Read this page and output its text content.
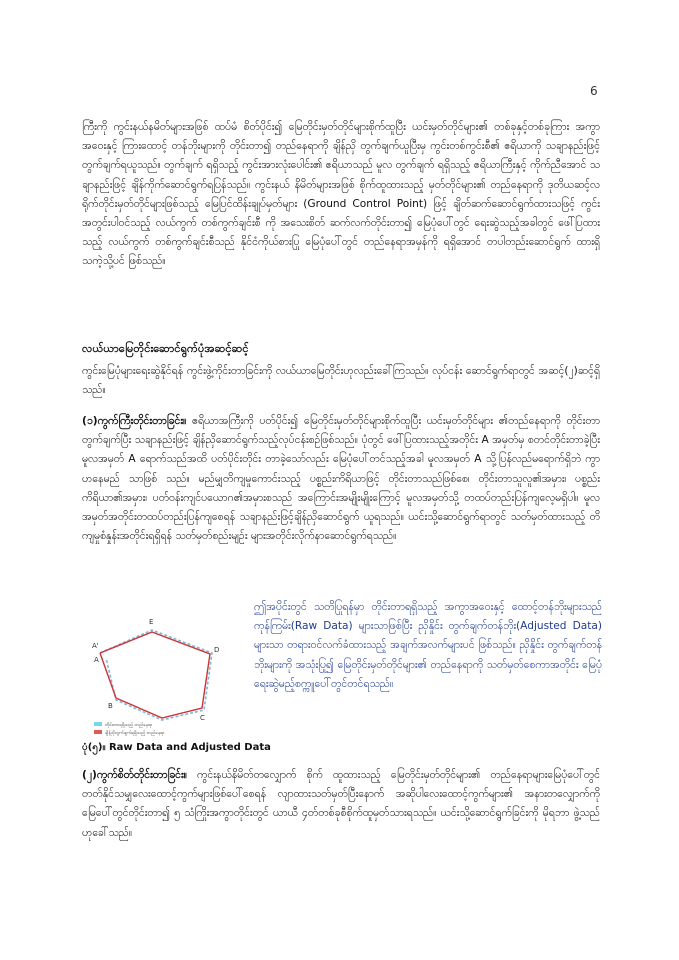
6

ကြီးကို ကွင်းနယ်နမိတ်များအဖြစ် ထပ်မံ စိတ်ပိုင်း၍ မြေတိုင်းမှတ်တိုင်များစိုက်ထူပြီး ယင်းမှတ်တိုင်များ၏ တစ်ခုနှင့်တစ်ခုကြား အကွာအဝေးနှင့် ကြားထောင့် တန်ဘိုးများကို တိုင်းတာ၍ တည်နေရာကို ချိန်ညှိ တွက်ချက်ယူပြီးမှ ကွင်းတစ်ကွင်းစီ၏ ဧရိယာကို သချာနည်းဖြင့် တွက်ချက်ရယူသည်။ တွက်ချက် ရရှိသည့် ကွင်းအားလုံးပေါင်း၏ ဧရိယာသည် မူလ တွက်ချက် ရရှိသည့် ဧရိယာကြီးနှင့် ကိုက်ညီအောင် သချာနည်းဖြင့် ချိန်ကိုက်ဆောင်ရွက်ရပြန်သည်။ ကွင်းနယ် နိမိတ်များအဖြစ် စိုက်ထူထားသည့် မှတ်တိုင်များ၏ တည်နေရာကို ဒုတိယဆင့်လရိုက်တိုင်းမှတ်တိုင်များဖြစ်သည့် မြေပြင်ထိန်းချုပ်မှတ်များ (Ground Control Point) ဖြင့် ချိတ်ဆက်ဆောင်ရွက်ထားသဖြင့် ကွင်းအတွင်းပါဝင်သည့် လယ်ကွက် တစ်ကွက်ချင်းစီ ကို အသေးစိတ် ဆက်လက်တိုင်းတာ၍ မြေပုံပေါ်တွင် ရေးဆွဲသည့်အခါတွင် ဖေါ်ပြထားသည့် လယ်ကွက် တစ်ကွက်ချင်းစီသည် နိုင်ငံကိုယ်စားပြု မြေပုံပေါ်တွင် တည်နေရာအမှန်ကို ရရှိအောင် တပါတည်းဆောင်ရွက် ထားရှိသကဲ့သို့ပင် ဖြစ်သည်။

လယ်ယာမြေတိုင်းဆောင်ရွက်ပုံအဆင့်ဆင့်

ကွင်းမြေပုံများရေးဆွဲနိုင်ရန် ကွင်းဖွဲ့ကိုင်းတာခြင်းကို လယ်ယာမြေတိုင်းဟုလည်းခေါ်ကြသည်။ လုပ်ငန်း ဆောင်ရွက်ရာတွင် အဆင့်(၂)ဆင့်ရှိသည်။

(၁)ကွက်ကြီးတိုင်းတာခြင်း။ ဧရိယာအကြီးကို ပတ်ပိုင်း၍ မြေတိုင်းမှတ်တိုင်များစိုက်ထူပြီး ယင်းမှတ်တိုင်များ ၏တည်နေရာကို တိုင်းတာတွက်ချက်ပြီး သချာနည်းဖြင့် ချိန်ညှိဆောင်ရွက်သည့်လုပ်ငန်းစဉ်ဖြစ်သည်။ ပုံတွင် ဖေါ်ပြထားသည့်အတိုင်း A အမှတ်မှ စတင်တိုင်းတာခဲ့ပြီး မူလအမှတ် A ရောက်သည်အထိ ပတ်ပိုင်းတိုင်း တာခဲ့သော်လည်း မြေပုံပေါ်တင်သည့်အခါ မူလအမှတ် A သို့ပြန်လည်မရောက်ရှိဘဲ ကွာဟနေမည် သာဖြစ် သည်။ မည်မျှတိကျမှုကောင်းသည့် ပစ္စည်းကိရိယာဖြင့် တိုင်းတာသည်ဖြစ်စေ၊ တိုင်းတာသူလူ၏အမှား၊ ပစ္စည်းကိရိယာ၏အမှား၊ ပတ်ဝန်းကျင်ပယောဂ၏အမှားစသည် အကြောင်းအမျိုးမျိုးကြောင့် မူလအမှတ်သို့ တထပ်တည်းပြန်ကျလေ့မရှိပါ။ မူလအမှတ်အတိုင်းတထပ်တည်းပြန်ကျစေရန် သချာနည်းဖြင့်ချိန်ညှိဆောင်ရွက် ယူရသည်။ ယင်းသို့ဆောင်ရွက်ရာတွင် သတ်မှတ်ထားသည့် တိကျမှုစံနှုန်းအတိုင်းရရှိရန် သတ်မှတ်စည်းမျဉ်း များအတိုင်းလိုက်နာဆောင်ရွက်ရသည်။

A'
A
E
D
C
B
တိုင်းတာရရှိသည့် တည်နေရာ
ချိန်ညှိတွက်ချက်ရရှိသည့် တည်နေရာ

ဤအပိုင်းတွင် သတိပြုရန်မှာ တိုင်းတာရရှိသည့် အကွာအဝေးနှင့် ထောင့်တန်ဘိုးများသည် ကုန်ကြမ်း(Raw Data) များသာဖြစ်ပြီး ညှိနှိုင်း တွက်ချက်တန်ဘိုး(Adjusted Data) များသာ တရားဝင်လက်ခံထားသည့် အချက်အလက်များပင် ဖြစ်သည်။ ညှိနှိုင်း တွက်ချက်တန်ဘိုးများကို အသုံးပြု၍ မြေတိုင်းမှတ်တိုင်များ၏ တည်နေရာကို သတ်မှတ်စေကာအတိုင်း မြေပုံရေးဆွဲမည့်စက္ကူပေါ်တွင်တင်ရသည်။

ပုံ(၅)။ Raw Data and Adjusted Data

(၂)ကွက်စိတ်တိုင်းတာခြင်း။ ကွင်းနယ်နိမိတ်တလျှောက် စိုက် ထူထားသည့် မြေတိုင်းမှတ်တိုင်များ၏ တည်နေရာများမြေပုံပေါ်တွင် တတ်နိုင်သမျှလေးထောင့်ကွက်များဖြစ်ပေါ်စေရန် လျာထားသတ်မှတ်ပြီးနောက် အဆိုပါလေးထောင့်ကွက်များ၏ အနားတလျှောက်ကို မြေပေါ်တွင်တိုင်းတာ၍ ၅ သံကြိုးအကွာတိုင်းတွင် ယာယီ ၄တ်တစ်ခုစီစိုက်ထူမှတ်သားရသည်။ ယင်းသို့ဆောင်ရွက်ခြင်းကို မိုရဘာ ဖွဲ့သည်ဟုခေါ်သည်။
